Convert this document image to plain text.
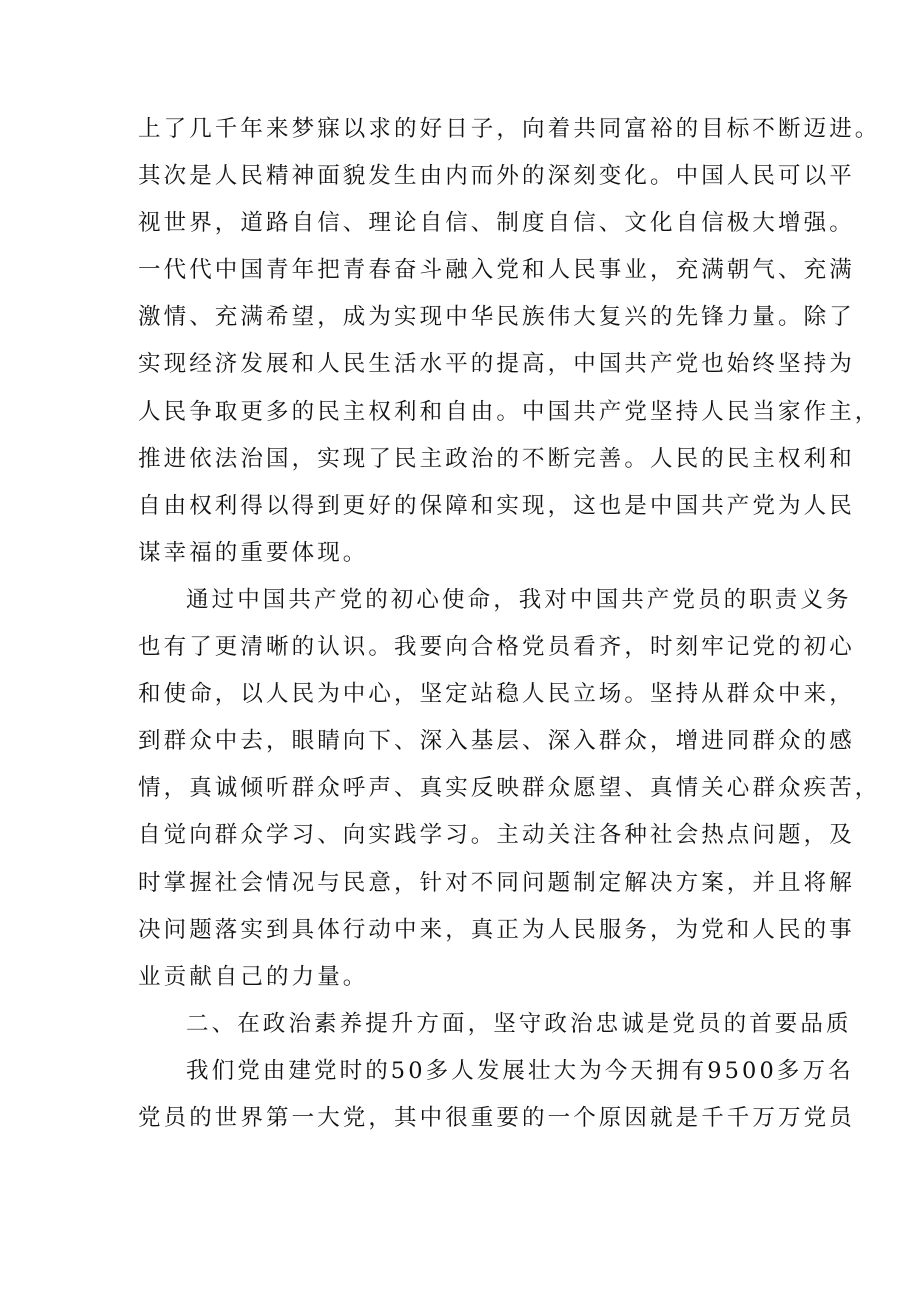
上了几千年来梦寐以求的好日子，向着共同富裕的目标不断迈进。
其次是人民精神面貌发生由内而外的深刻变化。中国人民可以平
视世界，道路自信、理论自信、制度自信、文化自信极大增强。
一代代中国青年把青春奋斗融入党和人民事业，充满朝气、充满
激情、充满希望，成为实现中华民族伟大复兴的先锋力量。除了
实现经济发展和人民生活水平的提高，中国共产党也始终坚持为
人民争取更多的民主权利和自由。中国共产党坚持人民当家作主，
推进依法治国，实现了民主政治的不断完善。人民的民主权利和
自由权利得以得到更好的保障和实现，这也是中国共产党为人民
谋幸福的重要体现。
通过中国共产党的初心使命，我对中国共产党员的职责义务
也有了更清晰的认识。我要向合格党员看齐，时刻牢记党的初心
和使命，以人民为中心，坚定站稳人民立场。坚持从群众中来，
到群众中去，眼睛向下、深入基层、深入群众，增进同群众的感
情，真诚倾听群众呼声、真实反映群众愿望、真情关心群众疾苦，
自觉向群众学习、向实践学习。主动关注各种社会热点问题，及
时掌握社会情况与民意，针对不同问题制定解决方案，并且将解
决问题落实到具体行动中来，真正为人民服务，为党和人民的事
业贡献自己的力量。
二、在政治素养提升方面，坚守政治忠诚是党员的首要品质
我们党由建党时的50多人发展壮大为今天拥有9500多万名
党员的世界第一大党，其中很重要的一个原因就是千千万万党员
